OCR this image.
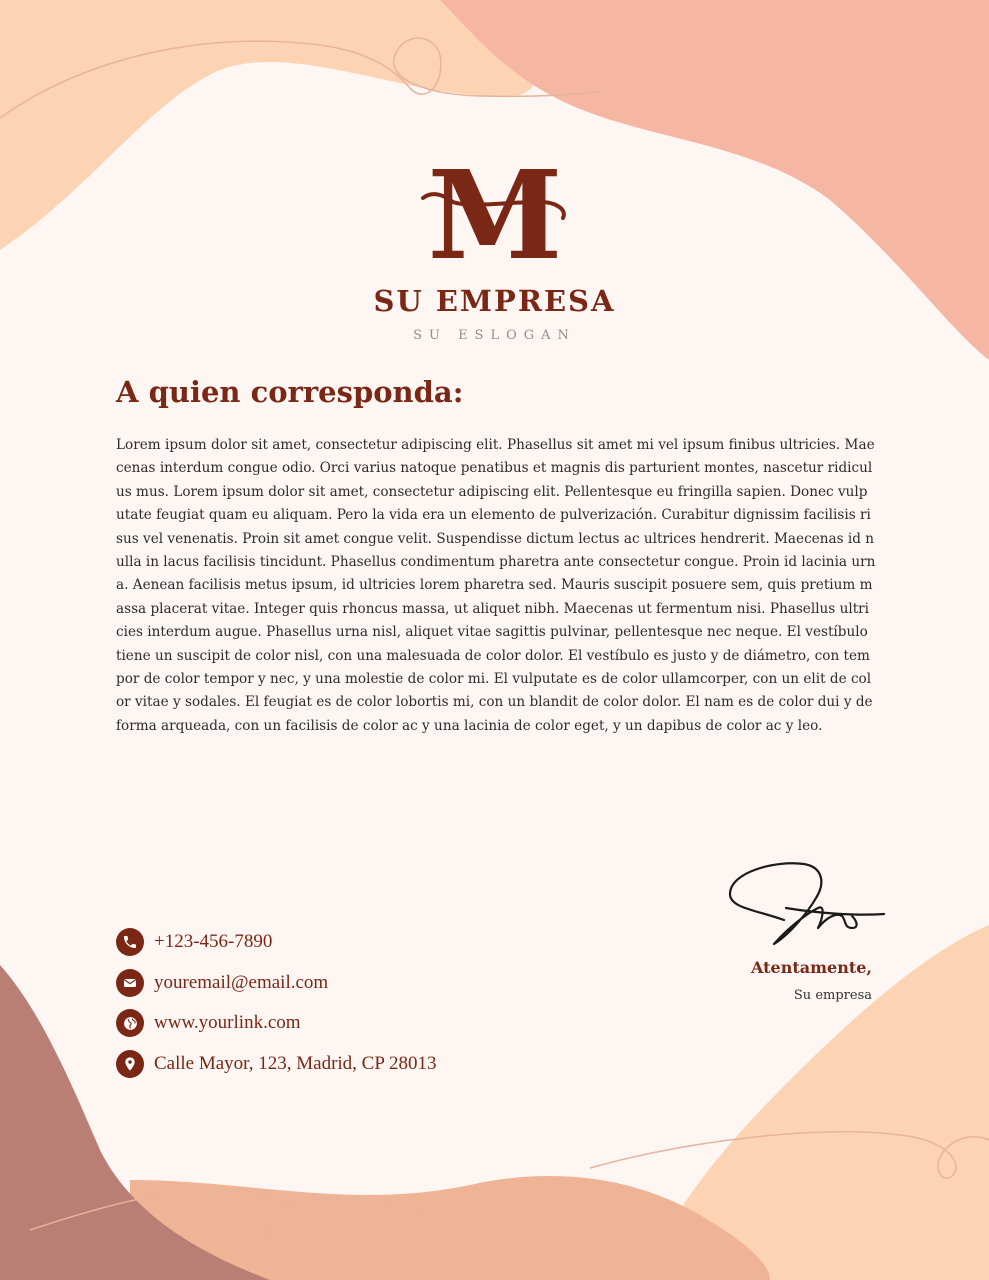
M
SU EMPRESA
SU ESLOGAN
A quien corresponda:
Lorem ipsum dolor sit amet, consectetur adipiscing elit. Phasellus sit amet mi vel ipsum finibus ultricies. Maecenas interdum congue odio. Orci varius natoque penatibus et magnis dis parturient montes, nascetur ridiculus mus. Lorem ipsum dolor sit amet, consectetur adipiscing elit. Pellentesque eu fringilla sapien. Donec vulputate feugiat quam eu aliquam. Pero la vida era un elemento de pulverización. Curabitur dignissim facilisis risus vel venenatis. Proin sit amet congue velit. Suspendisse dictum lectus ac ultrices hendrerit. Maecenas id nulla in lacus facilisis tincidunt. Phasellus condimentum pharetra ante consectetur congue. Proin id lacinia urna. Aenean facilisis metus ipsum, id ultricies lorem pharetra sed. Mauris suscipit posuere sem, quis pretium massa placerat vitae. Integer quis rhoncus massa, ut aliquet nibh. Maecenas ut fermentum nisi. Phasellus ultricies interdum augue. Phasellus urna nisl, aliquet vitae sagittis pulvinar, pellentesque nec neque. El vestíbulo tiene un suscipit de color nisl, con una malesuada de color dolor. El vestíbulo es justo y de diámetro, con tempor de color tempor y nec, y una molestie de color mi. El vulputate es de color ullamcorper, con un elit de color vitae y sodales. El feugiat es de color lobortis mi, con un blandit de color dolor. El nam es de color dui y de forma arqueada, con un facilisis de color ac y una lacinia de color eget, y un dapibus de color ac y leo.
+123-456-7890
youremail@email.com
www.yourlink.com
Calle Mayor, 123, Madrid, CP 28013
Atentamente,
Su empresa
